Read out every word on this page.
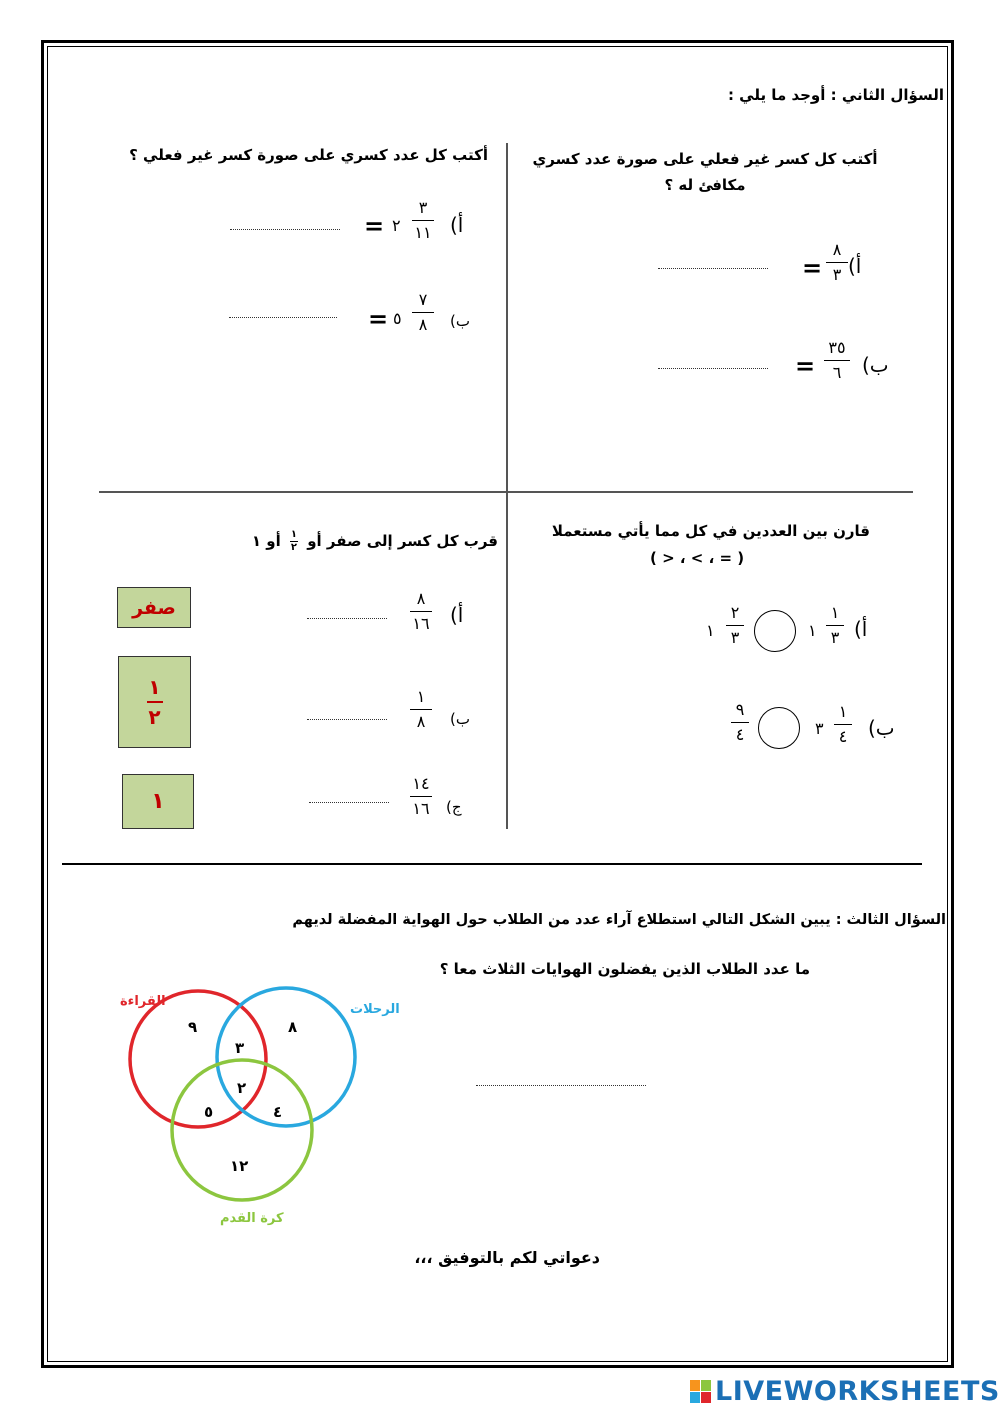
السؤال الثاني : أوجد ما يلي :
أكتب كل كسر غير فعلي على صورة عدد كسري مكافئ له ؟
أ)
٨
٣
=
ب)
٣٥
٦
=
أكتب كل عدد كسري على صورة كسر غير فعلي ؟
أ)
٣
١١
٢
=
ب)
٧
٨
٥
=
قارن بين العددين في كل مما يأتي مستعملا
( > ، < ، = )
أ)
١
٣
١
٢
٣
١
ب)
١
٤
٣
٩
٤
قرب كل كسر إلى صفر أو
١
٢
أو ١
أ)
٨
١٦
ب)
١
٨
ج)
١٤
١٦
صفر
١
٢
١
السؤال الثالث : يبين الشكل التالي استطلاع آراء عدد من الطلاب حول الهواية المفضلة لديهم
ما عدد الطلاب الذين يفضلون الهوايات الثلاث معا ؟
القراءة
الرحلات
كرة القدم
٩	٨
٣
٢
٥	٤
١٢
دعواتي لكم بالتوفيق ،،،
LIVEWORKSHEETS
